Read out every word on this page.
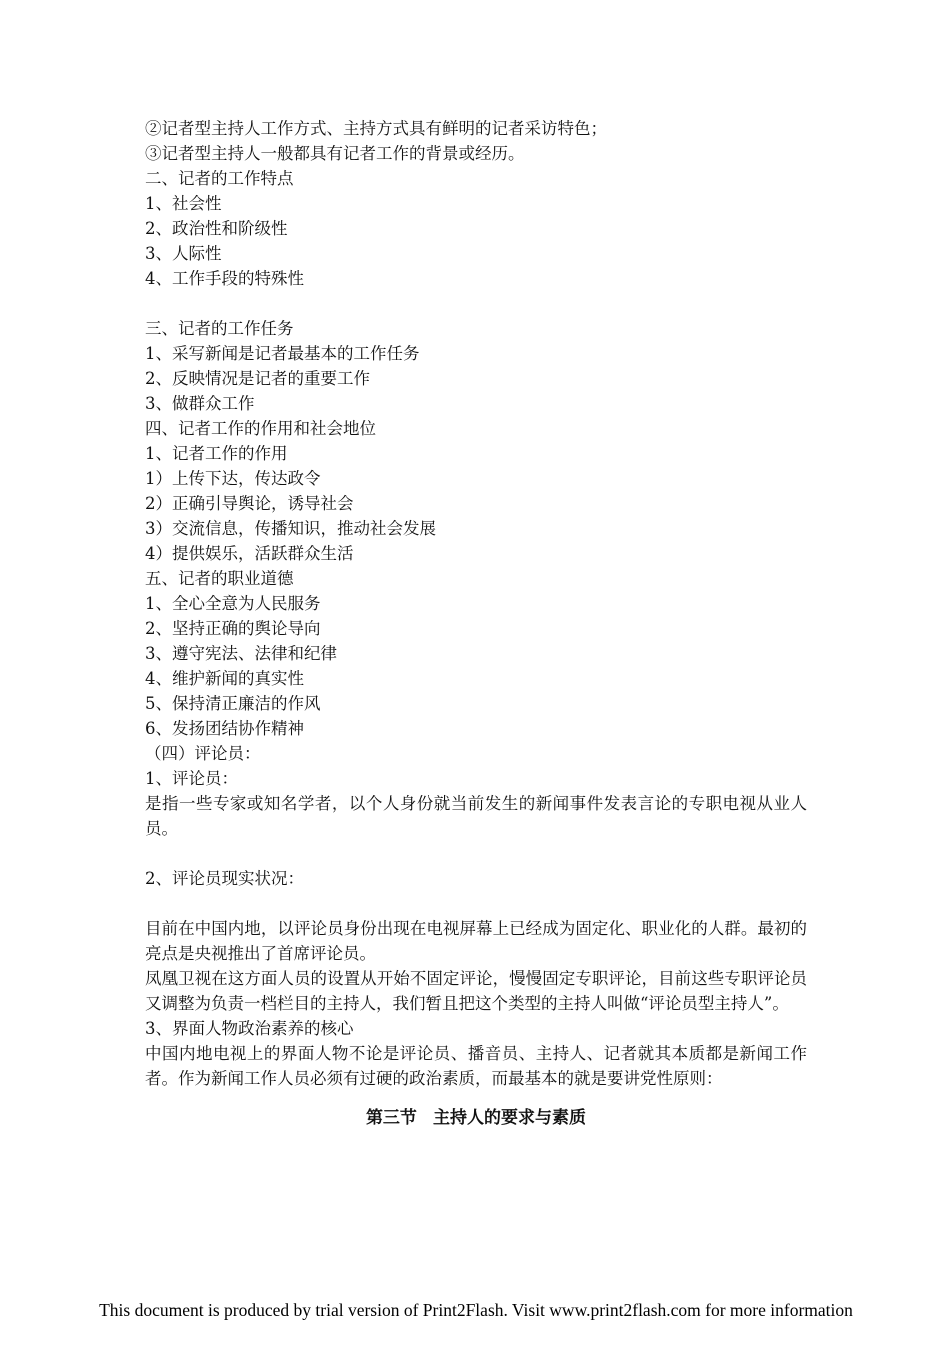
②记者型主持人工作方式、主持方式具有鲜明的记者采访特色；
③记者型主持人一般都具有记者工作的背景或经历。
二、记者的工作特点
1、社会性
2、政治性和阶级性
3、人际性
4、工作手段的特殊性
三、记者的工作任务
1、采写新闻是记者最基本的工作任务
2、反映情况是记者的重要工作
3、做群众工作
四、记者工作的作用和社会地位
1、记者工作的作用
1）上传下达，传达政令
2）正确引导舆论，诱导社会
3）交流信息，传播知识，推动社会发展
4）提供娱乐，活跃群众生活
五、记者的职业道德
1、全心全意为人民服务
2、坚持正确的舆论导向
3、遵守宪法、法律和纪律
4、维护新闻的真实性
5、保持清正廉洁的作风
6、发扬团结协作精神
（四）评论员：
1、评论员：
是指一些专家或知名学者，以个人身份就当前发生的新闻事件发表言论的专职电视从业人员。
2、评论员现实状况：
目前在中国内地，以评论员身份出现在电视屏幕上已经成为固定化、职业化的人群。最初的亮点是央视推出了首席评论员。
凤凰卫视在这方面人员的设置从开始不固定评论，慢慢固定专职评论，目前这些专职评论员又调整为负责一档栏目的主持人，我们暂且把这个类型的主持人叫做“评论员型主持人”。
3、界面人物政治素养的核心
中国内地电视上的界面人物不论是评论员、播音员、主持人、记者就其本质都是新闻工作者。作为新闻工作人员必须有过硬的政治素质，而最基本的就是要讲党性原则：
第三节 主持人的要求与素质
This document is produced by trial version of Print2Flash. Visit www.print2flash.com for more information
